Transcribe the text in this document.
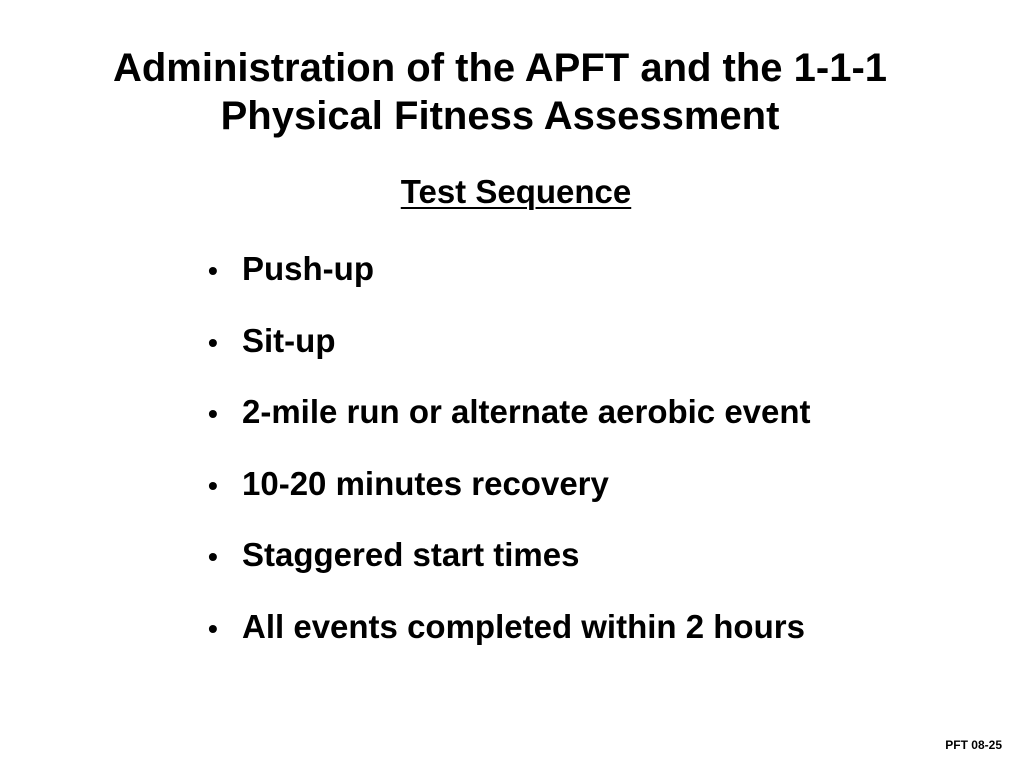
Administration of the APFT and the 1-1-1
Physical Fitness Assessment
Test Sequence
• Push-up
• Sit-up
• 2-mile run or alternate aerobic event
• 10-20 minutes recovery
• Staggered start times
• All events completed within 2 hours
PFT 08-25
